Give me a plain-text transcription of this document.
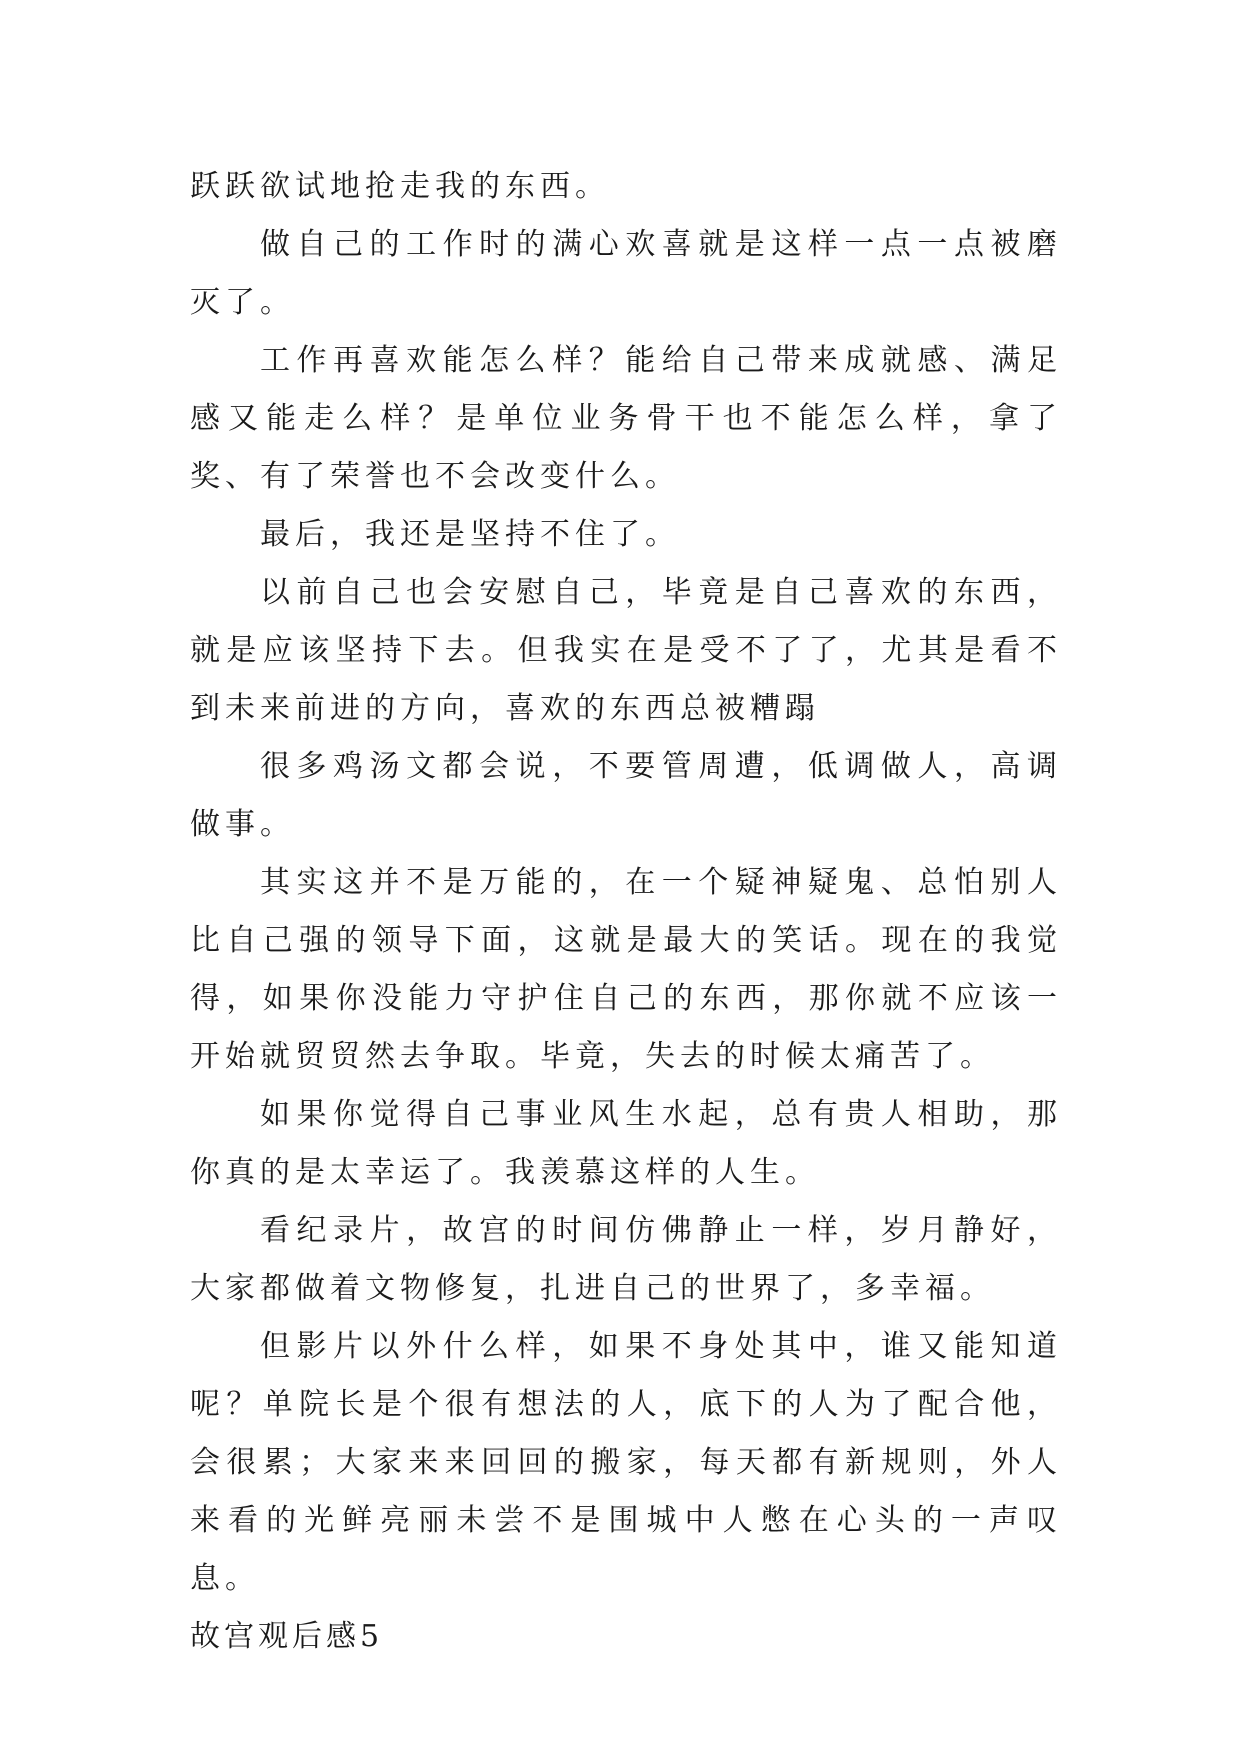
跃跃欲试地抢走我的东西。

做自己的工作时的满心欢喜就是这样一点一点被磨灭了。

工作再喜欢能怎么样？能给自己带来成就感、满足感又能走么样？是单位业务骨干也不能怎么样，拿了奖、有了荣誉也不会改变什么。

最后，我还是坚持不住了。

以前自己也会安慰自己，毕竟是自己喜欢的东西，就是应该坚持下去。但我实在是受不了了，尤其是看不到未来前进的方向，喜欢的东西总被糟蹋

很多鸡汤文都会说，不要管周遭，低调做人，高调做事。

其实这并不是万能的，在一个疑神疑鬼、总怕别人比自己强的领导下面，这就是最大的笑话。现在的我觉得，如果你没能力守护住自己的东西，那你就不应该一开始就贸贸然去争取。毕竟，失去的时候太痛苦了。

如果你觉得自己事业风生水起，总有贵人相助，那你真的是太幸运了。我羡慕这样的人生。

看纪录片，故宫的时间仿佛静止一样，岁月静好，大家都做着文物修复，扎进自己的世界了，多幸福。

但影片以外什么样，如果不身处其中，谁又能知道呢？单院长是个很有想法的人，底下的人为了配合他，会很累；大家来来回回的搬家，每天都有新规则，外人来看的光鲜亮丽未尝不是围城中人憋在心头的一声叹息。

故宫观后感5
